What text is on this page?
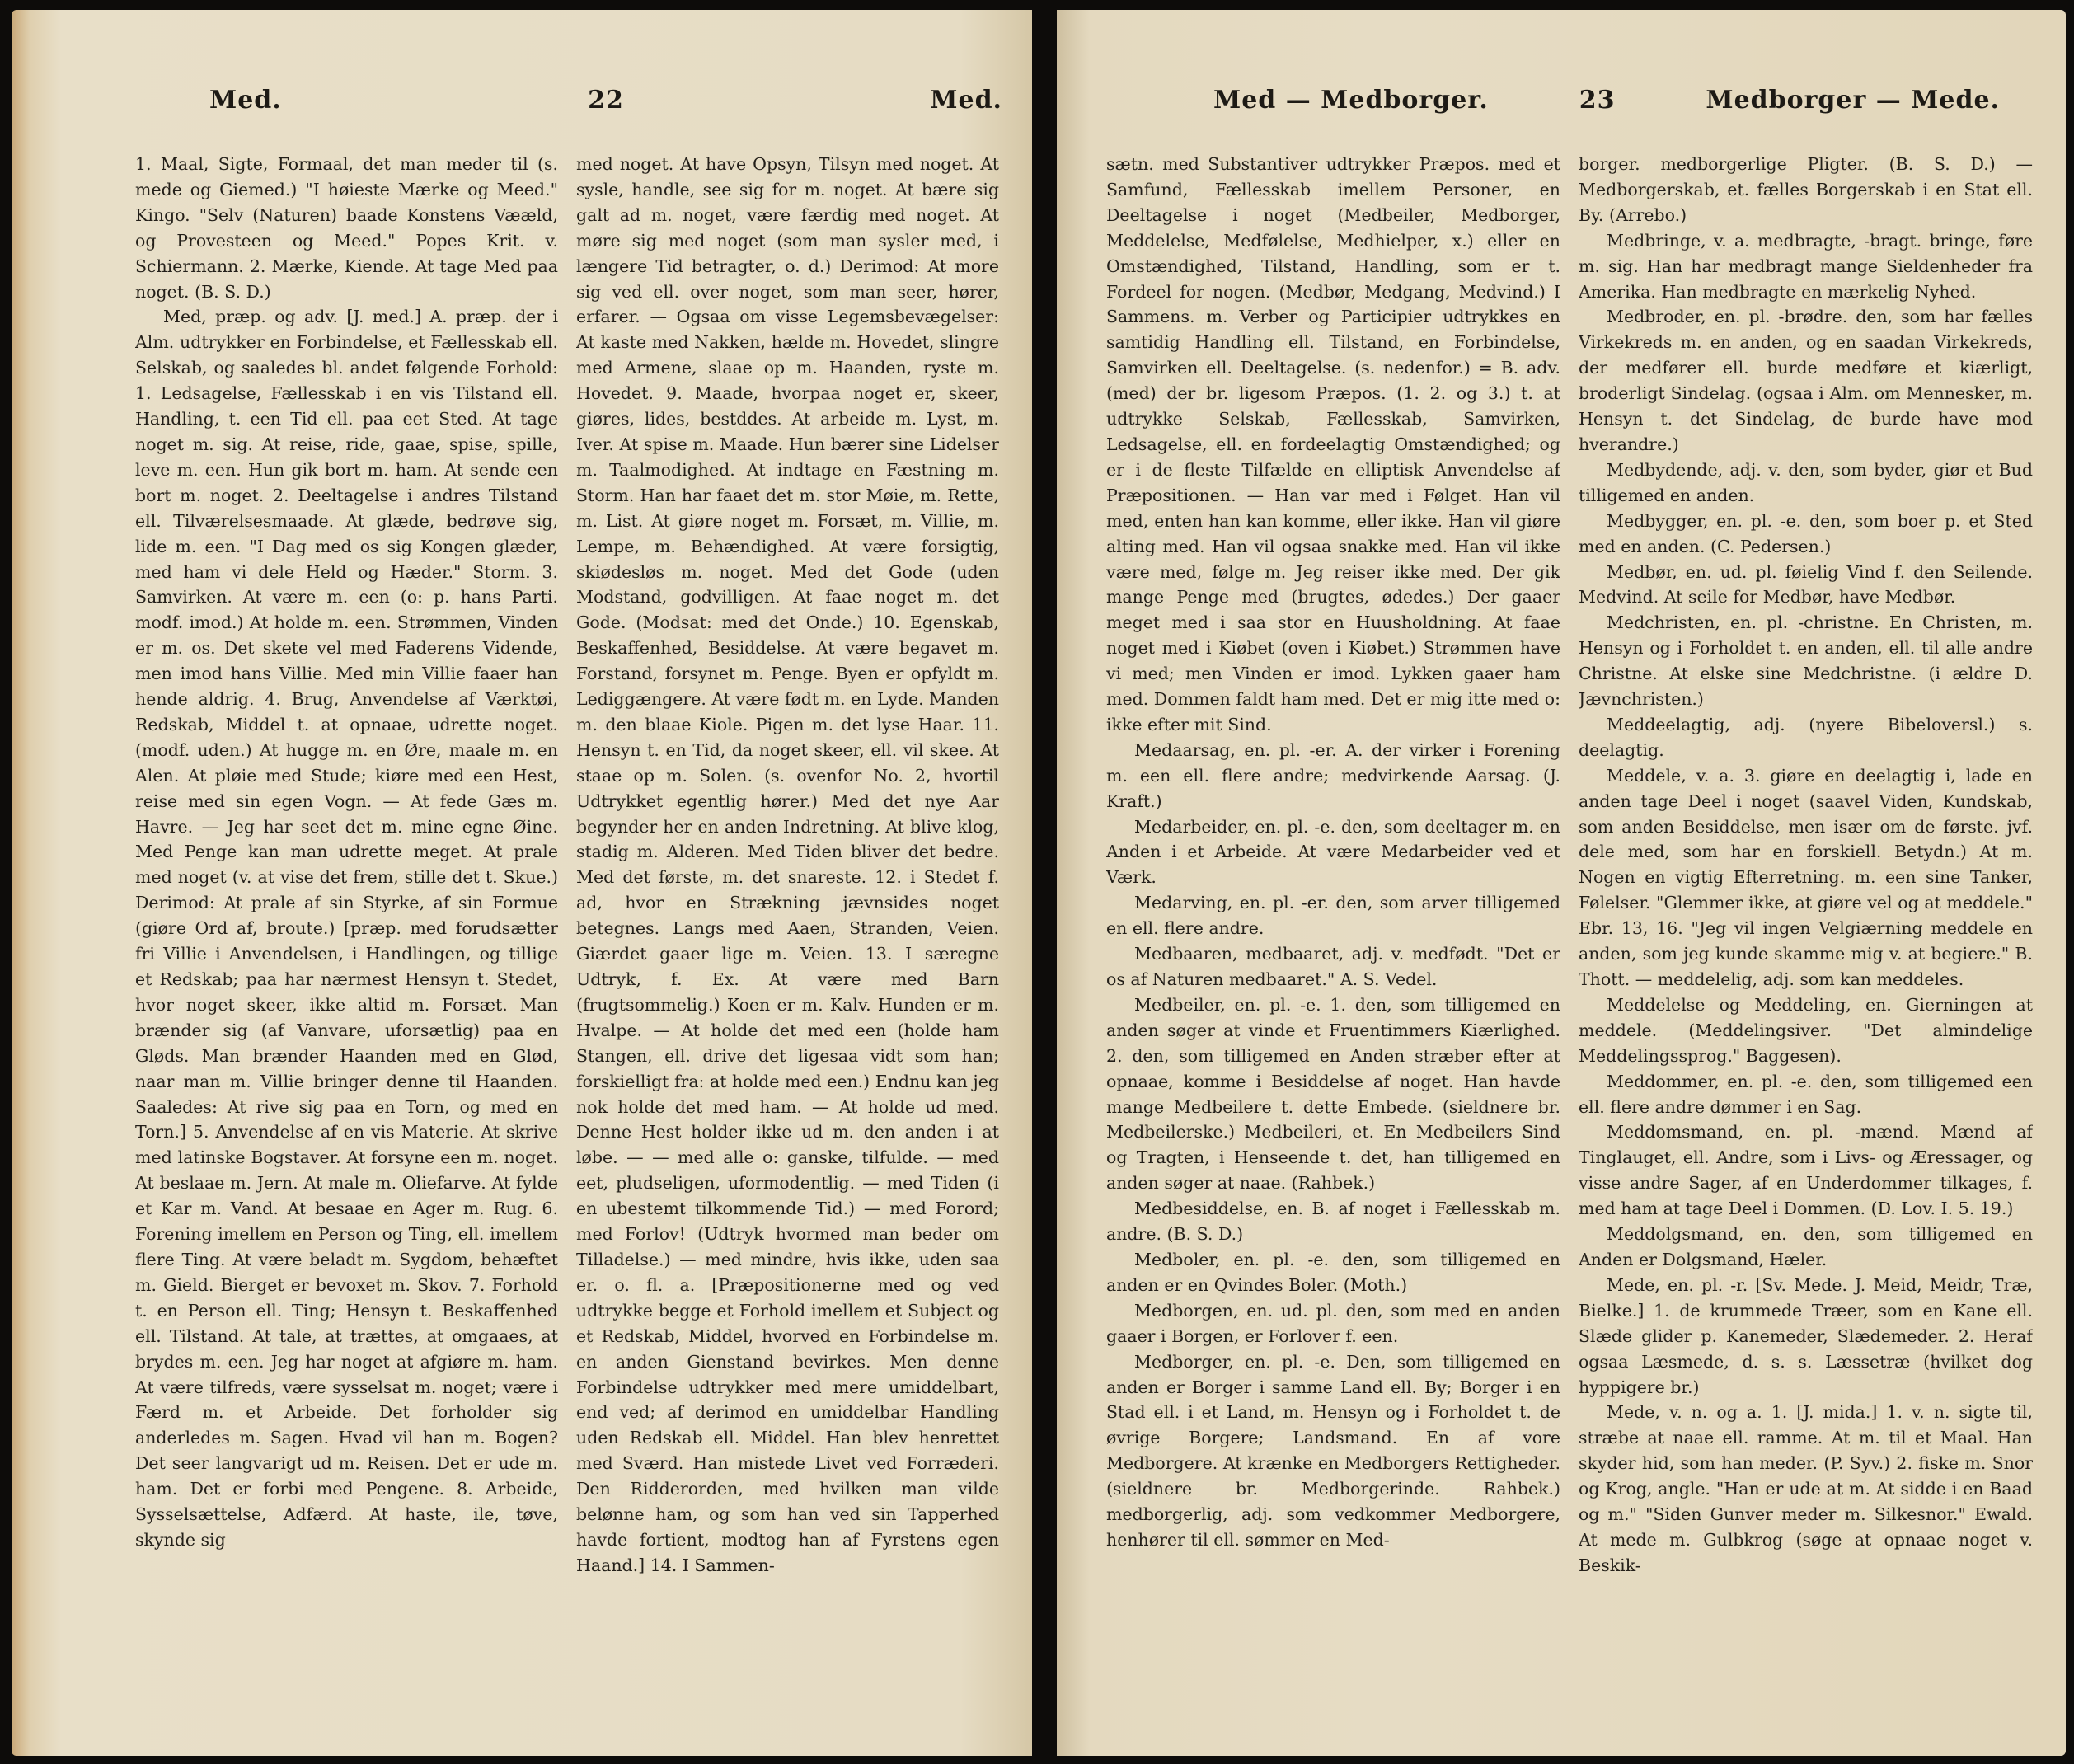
Med.	22	Med.

1. Maal, Sigte, Formaal, det man meder til (s. mede og Giemed.) "I høieste Mærke og Meed." Kingo. "Selv (Naturen) baade Konstens Vææld, og Provesteen og Meed." Popes Krit. v. Schiermann. 2. Mærke, Kiende. At tage Med paa noget. (B. S. D.)

Med, præp. og adv. [J. med.] A. præp. der i Alm. udtrykker en Forbindelse, et Fællesskab ell. Selskab, og saaledes bl. andet følgende Forhold: 1. Ledsagelse, Fællesskab i en vis Tilstand ell. Handling, t. een Tid ell. paa eet Sted. At tage noget m. sig. At reise, ride, gaae, spise, spille, leve m. een. Hun gik bort m. ham. At sende een bort m. noget. 2. Deeltagelse i andres Tilstand ell. Tilværelsesmaade. At glæde, bedrøve sig, lide m. een. "I Dag med os sig Kongen glæder, med ham vi dele Held og Hæder." Storm. 3. Samvirken. At være m. een (o: p. hans Parti. modf. imod.) At holde m. een. Strømmen, Vinden er m. os. Det skete vel med Faderens Vidende, men imod hans Villie. Med min Villie faaer han hende aldrig. 4. Brug, Anvendelse af Værktøi, Redskab, Middel t. at opnaae, udrette noget. (modf. uden.) At hugge m. en Øre, maale m. en Alen. At pløie med Stude; kiøre med een Hest, reise med sin egen Vogn. — At fede Gæs m. Havre. — Jeg har seet det m. mine egne Øine. Med Penge kan man udrette meget. At prale med noget (v. at vise det frem, stille det t. Skue.) Derimod: At prale af sin Styrke, af sin Formue (giøre Ord af, broute.) [præp. med forudsætter fri Villie i Anvendelsen, i Handlingen, og tillige et Redskab; paa har nærmest Hensyn t. Stedet, hvor noget skeer, ikke altid m. Forsæt. Man brænder sig (af Vanvare, uforsætlig) paa en Gløds. Man brænder Haanden med en Glød, naar man m. Villie bringer denne til Haanden. Saaledes: At rive sig paa en Torn, og med en Torn.] 5. Anvendelse af en vis Materie. At skrive med latinske Bogstaver. At forsyne een m. noget. At beslaae m. Jern. At male m. Oliefarve. At fylde et Kar m. Vand. At besaae en Ager m. Rug. 6. Forening imellem en Person og Ting, ell. imellem flere Ting. At være beladt m. Sygdom, behæftet m. Gield. Bierget er bevoxet m. Skov. 7. Forhold t. en Person ell. Ting; Hensyn t. Beskaffenhed ell. Tilstand. At tale, at trættes, at omgaaes, at brydes m. een. Jeg har noget at afgiøre m. ham. At være tilfreds, være sysselsat m. noget; være i Færd m. et Arbeide. Det forholder sig anderledes m. Sagen. Hvad vil han m. Bogen? Det seer langvarigt ud m. Reisen. Det er ude m. ham. Det er forbi med Pengene. 8. Arbeide, Sysselsættelse, Adfærd. At haste, ile, tøve, skynde sig

med noget. At have Opsyn, Tilsyn med noget. At sysle, handle, see sig for m. noget. At bære sig galt ad m. noget, være færdig med noget. At møre sig med noget (som man sysler med, i længere Tid betragter, o. d.) Derimod: At more sig ved ell. over noget, som man seer, hører, erfarer. — Ogsaa om visse Legemsbevægelser: At kaste med Nakken, hælde m. Hovedet, slingre med Armene, slaae op m. Haanden, ryste m. Hovedet. 9. Maade, hvorpaa noget er, skeer, giøres, lides, bestddes. At arbeide m. Lyst, m. Iver. At spise m. Maade. Hun bærer sine Lidelser m. Taalmodighed. At indtage en Fæstning m. Storm. Han har faaet det m. stor Møie, m. Rette, m. List. At giøre noget m. Forsæt, m. Villie, m. Lempe, m. Behændighed. At være forsigtig, skiødesløs m. noget. Med det Gode (uden Modstand, godvilligen. At faae noget m. det Gode. (Modsat: med det Onde.) 10. Egenskab, Beskaffenhed, Besiddelse. At være begavet m. Forstand, forsynet m. Penge. Byen er opfyldt m. Lediggængere. At være født m. en Lyde. Manden m. den blaae Kiole. Pigen m. det lyse Haar. 11. Hensyn t. en Tid, da noget skeer, ell. vil skee. At staae op m. Solen. (s. ovenfor No. 2, hvortil Udtrykket egentlig hører.) Med det nye Aar begynder her en anden Indretning. At blive klog, stadig m. Alderen. Med Tiden bliver det bedre. Med det første, m. det snareste. 12. i Stedet f. ad, hvor en Strækning jævnsides noget betegnes. Langs med Aaen, Stranden, Veien. Giærdet gaaer lige m. Veien. 13. I særegne Udtryk, f. Ex. At være med Barn (frugtsommelig.) Koen er m. Kalv. Hunden er m. Hvalpe. — At holde det med een (holde ham Stangen, ell. drive det ligesaa vidt som han; forskielligt fra: at holde med een.) Endnu kan jeg nok holde det med ham. — At holde ud med. Denne Hest holder ikke ud m. den anden i at løbe. — — med alle o: ganske, tilfulde. — med eet, pludseligen, uformodentlig. — med Tiden (i en ubestemt tilkommende Tid.) — med Forord; med Forlov! (Udtryk hvormed man beder om Tilladelse.) — med mindre, hvis ikke, uden saa er. o. fl. a. [Præpositionerne med og ved udtrykke begge et Forhold imellem et Subject og et Redskab, Middel, hvorved en Forbindelse m. en anden Gienstand bevirkes. Men denne Forbindelse udtrykker med mere umiddelbart, end ved; af derimod en umiddelbar Handling uden Redskab ell. Middel. Han blev henrettet med Sværd. Han mistede Livet ved Forræderi. Den Ridderorden, med hvilken man vilde belønne ham, og som han ved sin Tapperhed havde fortient, modtog han af Fyrstens egen Haand.] 14. I Sammen-

Med — Medborger.	23	Medborger — Mede.

sætn. med Substantiver udtrykker Præpos. med et Samfund, Fællesskab imellem Personer, en Deeltagelse i noget (Medbeiler, Medborger, Meddelelse, Medfølelse, Medhielper, x.) eller en Omstændighed, Tilstand, Handling, som er t. Fordeel for nogen. (Medbør, Medgang, Medvind.) I Sammens. m. Verber og Participier udtrykkes en samtidig Handling ell. Tilstand, en Forbindelse, Samvirken ell. Deeltagelse. (s. nedenfor.) = B. adv. (med) der br. ligesom Præpos. (1. 2. og 3.) t. at udtrykke Selskab, Fællesskab, Samvirken, Ledsagelse, ell. en fordeelagtig Omstændighed; og er i de fleste Tilfælde en elliptisk Anvendelse af Præpositionen. — Han var med i Følget. Han vil med, enten han kan komme, eller ikke. Han vil giøre alting med. Han vil ogsaa snakke med. Han vil ikke være med, følge m. Jeg reiser ikke med. Der gik mange Penge med (brugtes, ødedes.) Der gaaer meget med i saa stor en Huusholdning. At faae noget med i Kiøbet (oven i Kiøbet.) Strømmen have vi med; men Vinden er imod. Lykken gaaer ham med. Dommen faldt ham med. Det er mig itte med o: ikke efter mit Sind.

Medaarsag, en. pl. -er. A. der virker i Forening m. een ell. flere andre; medvirkende Aarsag. (J. Kraft.)

Medarbeider, en. pl. -e. den, som deeltager m. en Anden i et Arbeide. At være Medarbeider ved et Værk.

Medarving, en. pl. -er. den, som arver tilligemed en ell. flere andre.

Medbaaren, medbaaret, adj. v. medfødt. "Det er os af Naturen medbaaret." A. S. Vedel.

Medbeiler, en. pl. -e. 1. den, som tilligemed en anden søger at vinde et Fruentimmers Kiærlighed. 2. den, som tilligemed en Anden stræber efter at opnaae, komme i Besiddelse af noget. Han havde mange Medbeilere t. dette Embede. (sieldnere br. Medbeilerske.) Medbeileri, et. En Medbeilers Sind og Tragten, i Henseende t. det, han tilligemed en anden søger at naae. (Rahbek.)

Medbesiddelse, en. B. af noget i Fællesskab m. andre. (B. S. D.)

Medboler, en. pl. -e. den, som tilligemed en anden er en Qvindes Boler. (Moth.)

Medborgen, en. ud. pl. den, som med en anden gaaer i Borgen, er Forlover f. een.

Medborger, en. pl. -e. Den, som tilligemed en anden er Borger i samme Land ell. By; Borger i en Stad ell. i et Land, m. Hensyn og i Forholdet t. de øvrige Borgere; Landsmand. En af vore Medborgere. At krænke en Medborgers Rettigheder. (sieldnere br. Medborgerinde. Rahbek.) medborgerlig, adj. som vedkommer Medborgere, henhører til ell. sømmer en Med-

borger. medborgerlige Pligter. (B. S. D.) — Medborgerskab, et. fælles Borgerskab i en Stat ell. By. (Arrebo.)

Medbringe, v. a. medbragte, -bragt. bringe, føre m. sig. Han har medbragt mange Sieldenheder fra Amerika. Han medbragte en mærkelig Nyhed.

Medbroder, en. pl. -brødre. den, som har fælles Virkekreds m. en anden, og en saadan Virkekreds, der medfører ell. burde medføre et kiærligt, broderligt Sindelag. (ogsaa i Alm. om Mennesker, m. Hensyn t. det Sindelag, de burde have mod hverandre.)

Medbydende, adj. v. den, som byder, giør et Bud tilligemed en anden.

Medbygger, en. pl. -e. den, som boer p. et Sted med en anden. (C. Pedersen.)

Medbør, en. ud. pl. føielig Vind f. den Seilende. Medvind. At seile for Medbør, have Medbør.

Medchristen, en. pl. -christne. En Christen, m. Hensyn og i Forholdet t. en anden, ell. til alle andre Christne. At elske sine Medchristne. (i ældre D. Jævnchristen.)

Meddeelagtig, adj. (nyere Bibeloversl.) s. deelagtig.

Meddele, v. a. 3. giøre en deelagtig i, lade en anden tage Deel i noget (saavel Viden, Kundskab, som anden Besiddelse, men især om de første. jvf. dele med, som har en forskiell. Betydn.) At m. Nogen en vigtig Efterretning. m. een sine Tanker, Følelser. "Glemmer ikke, at giøre vel og at meddele." Ebr. 13, 16. "Jeg vil ingen Velgiærning meddele en anden, som jeg kunde skamme mig v. at begiere." B. Thott. — meddelelig, adj. som kan meddeles.

Meddelelse og Meddeling, en. Gierningen at meddele. (Meddelingsiver. "Det almindelige Meddelingssprog." Baggesen).

Meddommer, en. pl. -e. den, som tilligemed een ell. flere andre dømmer i en Sag.

Meddomsmand, en. pl. -mænd. Mænd af Tinglauget, ell. Andre, som i Livs- og Æressager, og visse andre Sager, af en Underdommer tilkages, f. med ham at tage Deel i Dommen. (D. Lov. I. 5. 19.)

Meddolgsmand, en. den, som tilligemed en Anden er Dolgsmand, Hæler.

Mede, en. pl. -r. [Sv. Mede. J. Meid, Meidr, Træ, Bielke.] 1. de krummede Træer, som en Kane ell. Slæde glider p. Kanemeder, Slædemeder. 2. Heraf ogsaa Læsmede, d. s. s. Læssetræ (hvilket dog hyppigere br.)

Mede, v. n. og a. 1. [J. mida.] 1. v. n. sigte til, stræbe at naae ell. ramme. At m. til et Maal. Han skyder hid, som han meder. (P. Syv.) 2. fiske m. Snor og Krog, angle. "Han er ude at m. At sidde i en Baad og m." "Siden Gunver meder m. Silkesnor." Ewald. At mede m. Gulbkrog (søge at opnaae noget v. Beskik-
